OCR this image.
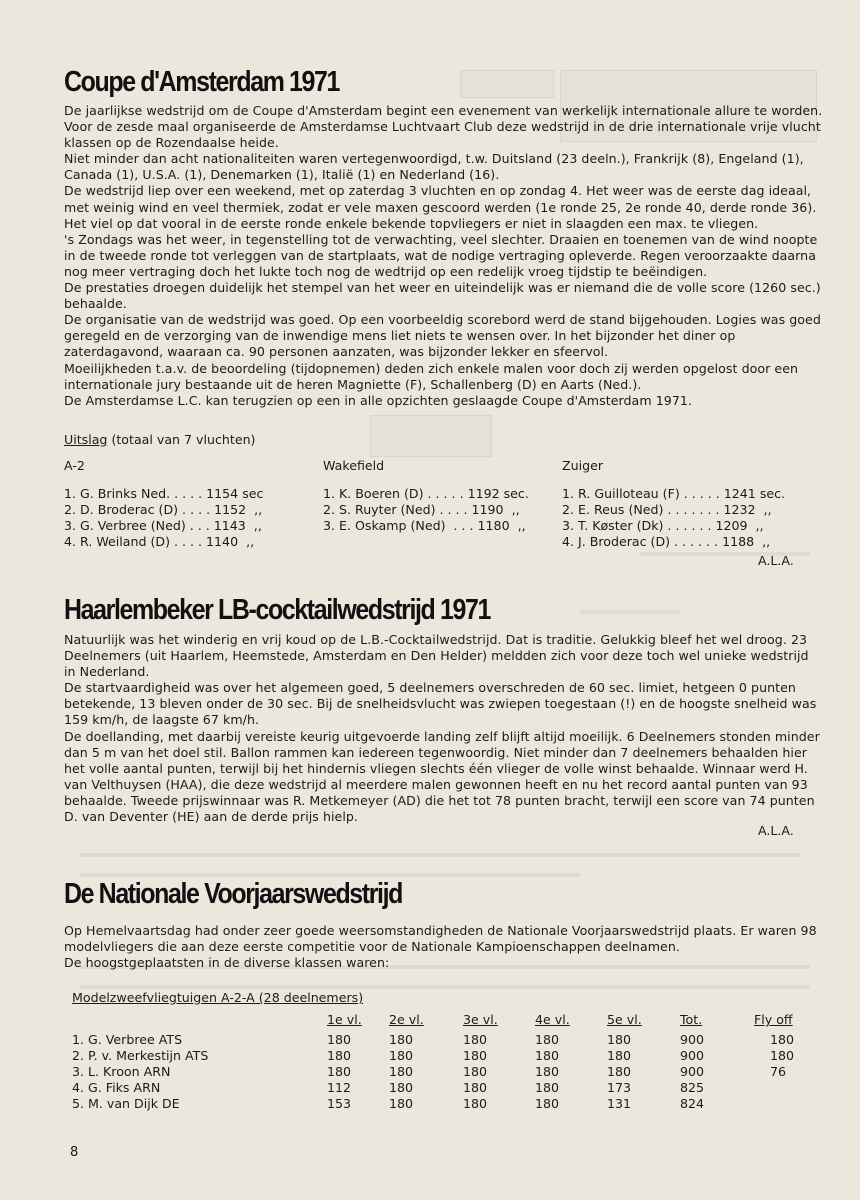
Coupe d'Amsterdam 1971

De jaarlijkse wedstrijd om de Coupe d'Amsterdam begint een evenement van werkelijk internationale allure te worden. Voor de zesde maal organiseerde de Amsterdamse Luchtvaart Club deze wedstrijd in de drie internationale vrije vlucht klassen op de Rozendaalse heide.

Niet minder dan acht nationaliteiten waren vertegenwoordigd, t.w. Duitsland (23 deeln.), Frankrijk (8), Engeland (1), Canada (1), U.S.A. (1), Denemarken (1), Italië (1) en Nederland (16).

De wedstrijd liep over een weekend, met op zaterdag 3 vluchten en op zondag 4. Het weer was de eerste dag ideaal, met weinig wind en veel thermiek, zodat er vele maxen gescoord werden (1e ronde 25, 2e ronde 40, derde ronde 36). Het viel op dat vooral in de eerste ronde enkele bekende topvliegers er niet in slaagden een max. te vliegen.

's Zondags was het weer, in tegenstelling tot de verwachting, veel slechter. Draaien en toenemen van de wind noopte in de tweede ronde tot verleggen van de startplaats, wat de nodige vertraging opleverde. Regen veroorzaakte daarna nog meer vertraging doch het lukte toch nog de wedtrijd op een redelijk vroeg tijdstip te beëindigen.

De prestaties droegen duidelijk het stempel van het weer en uiteindelijk was er niemand die de volle score (1260 sec.) behaalde.

De organisatie van de wedstrijd was goed. Op een voorbeeldig scorebord werd de stand bijgehouden. Logies was goed geregeld en de verzorging van de inwendige mens liet niets te wensen over. In het bijzonder het diner op zaterdagavond, waaraan ca. 90 personen aanzaten, was bijzonder lekker en sfeervol.

Moeilijkheden t.a.v. de beoordeling (tijdopnemen) deden zich enkele malen voor doch zij werden opgelost door een internationale jury bestaande uit de heren Magniette (F), Schallenberg (D) en Aarts (Ned.).

De Amsterdamse L.C. kan terugzien op een in alle opzichten geslaagde Coupe d'Amsterdam 1971.

Uitslag (totaal van 7 vluchten)
A-2
1. G. Brinks Ned. . . . . 1154 sec
2. D. Broderac (D) . . . . 1152  ,,
3. G. Verbree (Ned) . . . 1143  ,,
4. R. Weiland (D) . . . . 1140  ,,
Wakefield
1. K. Boeren (D) . . . . . 1192 sec.
2. S. Ruyter (Ned) . . . . 1190  ,,
3. E. Oskamp (Ned)  . . . 1180  ,,
Zuiger
1. R. Guilloteau (F) . . . . . 1241 sec.
2. E. Reus (Ned) . . . . . . . 1232  ,,
3. T. Køster (Dk) . . . . . . 1209  ,,
4. J. Broderac (D) . . . . . . 1188  ,,
A.L.A.
Haarlembeker LB-cocktailwedstrijd 1971

Natuurlijk was het winderig en vrij koud op de L.B.-Cocktailwedstrijd. Dat is traditie. Gelukkig bleef het wel droog. 23 Deelnemers (uit Haarlem, Heemstede, Amsterdam en Den Helder) meldden zich voor deze toch wel unieke wedstrijd in Nederland.

De startvaardigheid was over het algemeen goed, 5 deelnemers overschreden de 60 sec. limiet, hetgeen 0 punten betekende, 13 bleven onder de 30 sec. Bij de snelheidsvlucht was zwiepen toegestaan (!) en de hoogste snelheid was 159 km/h, de laagste 67 km/h.

De doellanding, met daarbij vereiste keurig uitgevoerde landing zelf blijft altijd moeilijk. 6 Deelnemers stonden minder dan 5 m van het doel stil. Ballon rammen kan iedereen tegenwoordig. Niet minder dan 7 deelnemers behaalden hier het volle aantal punten, terwijl bij het hindernis vliegen slechts één vlieger de volle winst behaalde. Winnaar werd H. van Velthuysen (HAA), die deze wedstrijd al meerdere malen gewonnen heeft en nu het record aantal punten van 93 behaalde. Tweede prijswinnaar was R. Metkemeyer (AD) die het tot 78 punten bracht, terwijl een score van 74 punten D. van Deventer (HE) aan de derde prijs hielp.

A.L.A.
De Nationale Voorjaarswedstrijd

Op Hemelvaartsdag had onder zeer goede weersomstandigheden de Nationale Voorjaarswedstrijd plaats. Er waren 98 modelvliegers die aan deze eerste competitie voor de Nationale Kampioenschappen deelnamen.

De hoogstgeplaatsten in de diverse klassen waren:

Modelzweefvliegtuigen A-2-A (28 deelnemers)
	1e vl.	2e vl.	3e vl.	4e vl.	5e vl.	Tot.	Fly off
1. G. Verbree ATS	180	180	180	180	180	900	180
2. P. v. Merkestijn ATS	180	180	180	180	180	900	180
3. L. Kroon ARN	180	180	180	180	180	900	76
4. G. Fiks ARN	112	180	180	180	173	825	
5. M. van Dijk DE	153	180	180	180	131	824	
8
